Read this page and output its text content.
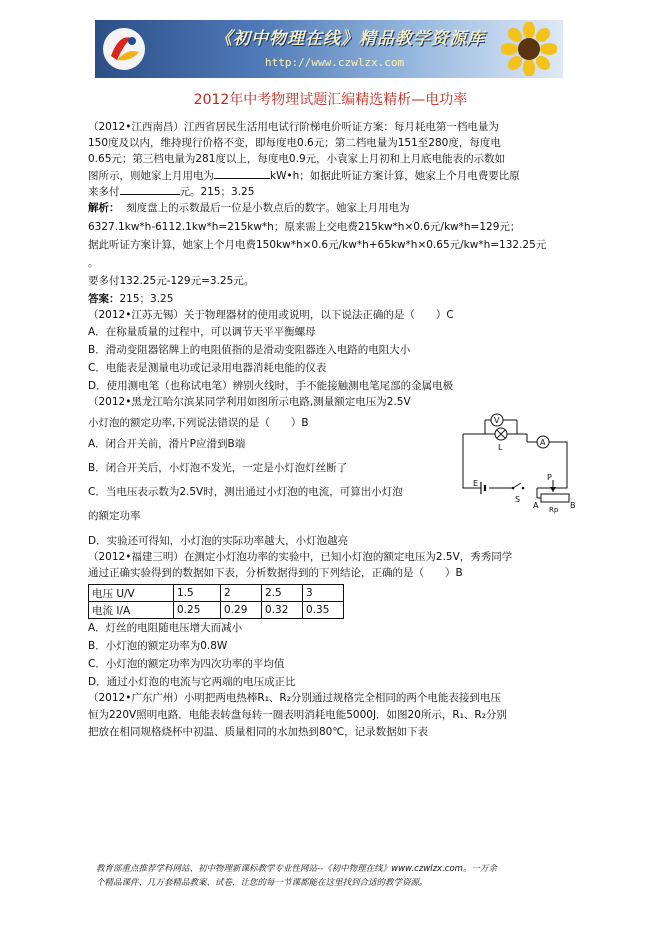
《初中物理在线》精品教学资源库
http://www.czwlzx.com
2012年中考物理试题汇编精选精析—电功率
（2012•江西南昌）江西省居民生活用电试行阶梯电价听证方案：每月耗电第一档电量为
150度及以内，维持现行价格不变，即每度电0.6元；第二档电量为151至280度，每度电
0.65元；第三档电量为281度以上，每度电0.9元，小袁家上月初和上月底电能表的示数如
图所示，则她家上月用电为	kW•h；如据此听证方案计算，她家上个月电费要比原
来多付	元。215；3.25
解析： 刻度盘上的示数最后一位是小数点后的数字。她家上月用电为
6327.1kw*h-6112.1kw*h=215kw*h；原来需上交电费215kw*h×0.6元/kw*h=129元；
据此听证方案计算，她家上个月电费150kw*h×0.6元/kw*h+65kw*h×0.65元/kw*h=132.25元
。
要多付132.25元-129元=3.25元。
答案：215；3.25
（2012•江苏无锡）关于物理器材的使用或说明，以下说法正确的是（　　）C
A．在称量质量的过程中，可以调节天平平衡螺母
B．滑动变阻器铭牌上的电阻值指的是滑动变阻器连入电路的电阻大小
C．电能表是测量电功或记录用电器消耗电能的仪表
D．使用测电笔（也称试电笔）辨别火线时，手不能接触测电笔尾部的金属电极
（2012•黑龙江哈尔滨某同学利用如图所示电路,测量额定电压为2.5V
小灯泡的额定功率,下列说法错误的是（　　）B
A．闭合开关前，滑片P应滑到B端
B．闭合开关后，小灯泡不发光，一定是小灯泡灯丝断了
C．当电压表示数为2.5V时，测出通过小灯泡的电流，可算出小灯泡
的额定功率
D．实验还可得知，小灯泡的实际功率越大，小灯泡越亮
V
A
L
E
S
A
P
B
Rp
（2012•福建三明）在测定小灯泡功率的实验中，已知小灯泡的额定电压为2.5V，秀秀同学
通过正确实验得到的数据如下表，分析数据得到的下列结论，正确的是（　　）B
电压 U/V	1.5	2	2.5	3
电流 I/A	0.25	0.29	0.32	0.35
A．灯丝的电阻随电压增大而减小
B．小灯泡的额定功率为0.8W
C．小灯泡的额定功率为四次功率的平均值
D．通过小灯泡的电流与它两端的电压成正比
（2012•广东广州）小明把两电热棒R₁、R₂分别通过规格完全相同的两个电能表接到电压
恒为220V照明电路．电能表转盘每转一圈表明消耗电能5000J．如图20所示，R₁、R₂分别
把放在相同规格烧杯中初温、质量相同的水加热到80℃，记录数据如下表
教育部重点推荐学科网站、初中物理新课标教学专业性网站--《初中物理在线》www.czwlzx.com。一万余
个精品课件、几万套精品教案、试卷，让您的每一节课都能在这里找到合适的教学资源。
